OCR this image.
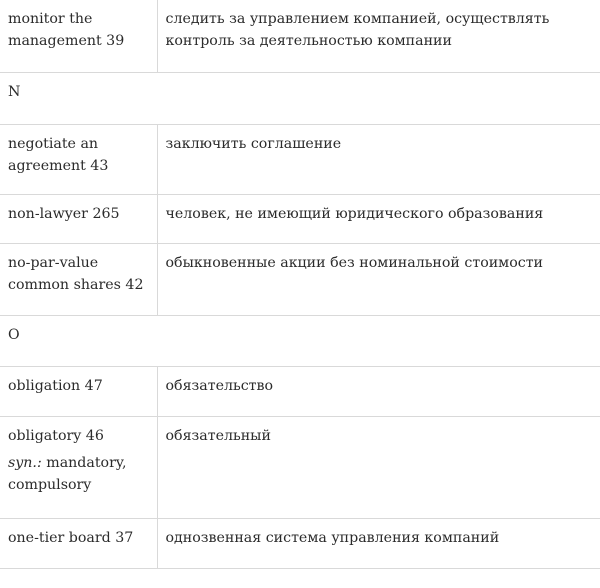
monitor the management 39	следить за управлением компанией, осуществлять контроль за деятельностью компании
N	
negotiate an agreement 43	заключить соглашение
non-lawyer 265	человек, не имеющий юридического образования
no-par-value common shares 42	обыкновенные акции без номинальной стоимости
O	
obligation 47	обязательство

obligatory 46
syn.: mandatory, compulsory	обязательный
one-tier board 37	однозвенная система управления компаний
